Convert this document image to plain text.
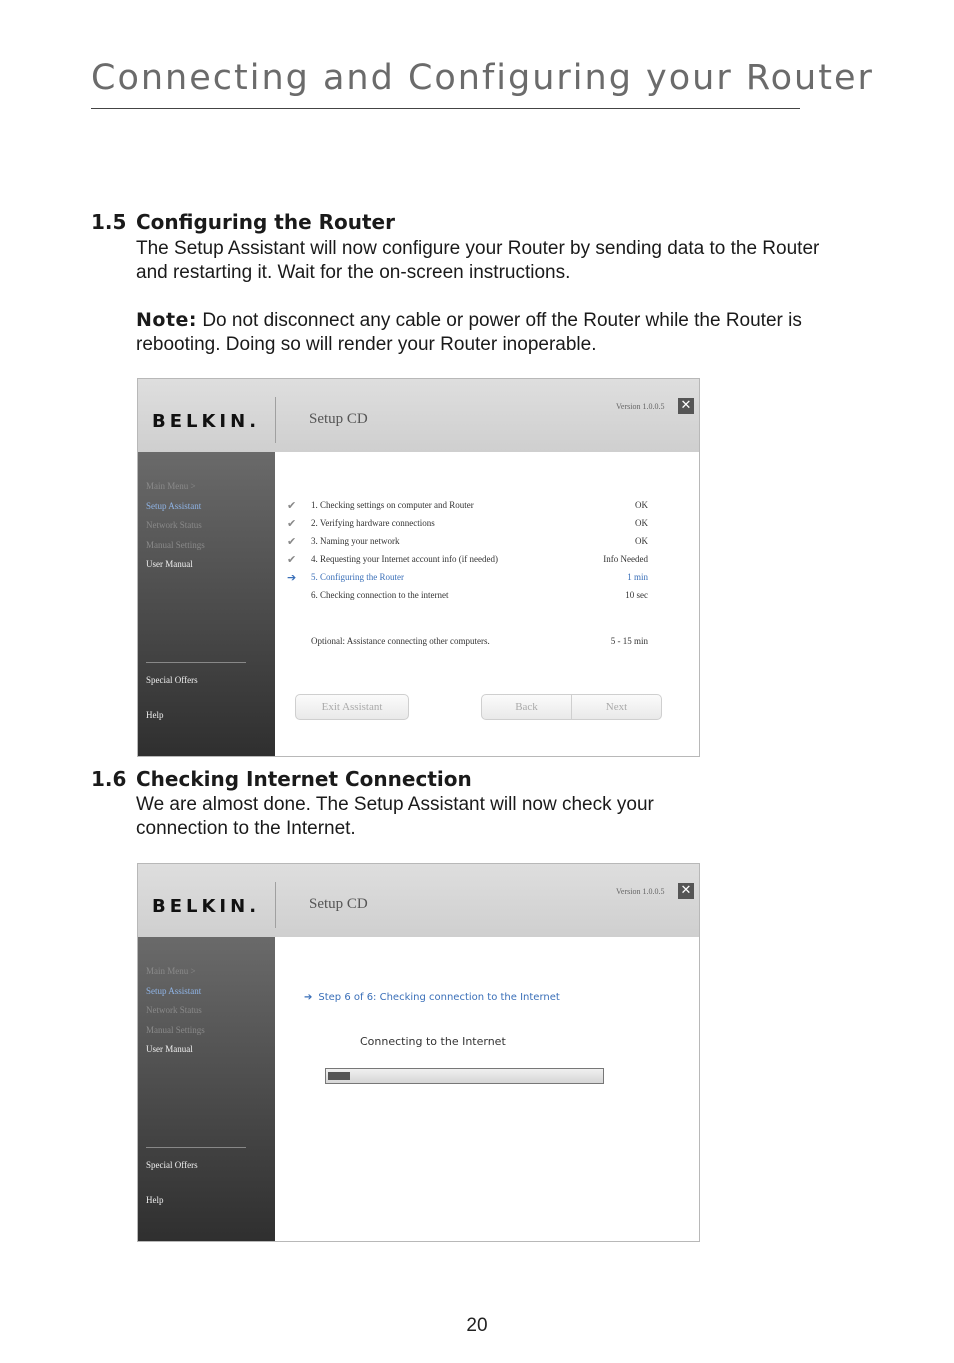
Connecting and Configuring your Router
1.5 Configuring the Router

The Setup Assistant will now configure your Router by sending data to the Router and restarting it. Wait for the on-screen instructions.

Note: Do not disconnect any cable or power off the Router while the Router is rebooting. Doing so will render your Router inoperable.

BELKIN.	Setup CD
Version 1.0.0.5 ✕
Main Menu >
Setup Assistant
Network Status
Manual Settings
User Manual
Special Offers
Help
✔ 1. Checking settings on computer and Router	OK
✔ 2. Verifying hardware connections	OK
✔ 3. Naming your network	OK
✔ 4. Requesting your Internet account info (if needed)	Info Needed
➔ 5. Configuring the Router	1 min
6. Checking connection to the internet	10 sec
Optional: Assistance connecting other computers.	5 - 15 min
Exit Assistant	Back	Next
1.6 Checking Internet Connection

We are almost done. The Setup Assistant will now check your connection to the Internet.

BELKIN.	Setup CD
Version 1.0.0.5 ✕
Main Menu >
Setup Assistant
Network Status
Manual Settings
User Manual
Special Offers
Help
➔ Step 6 of 6: Checking connection to the Internet
Connecting to the Internet
20
